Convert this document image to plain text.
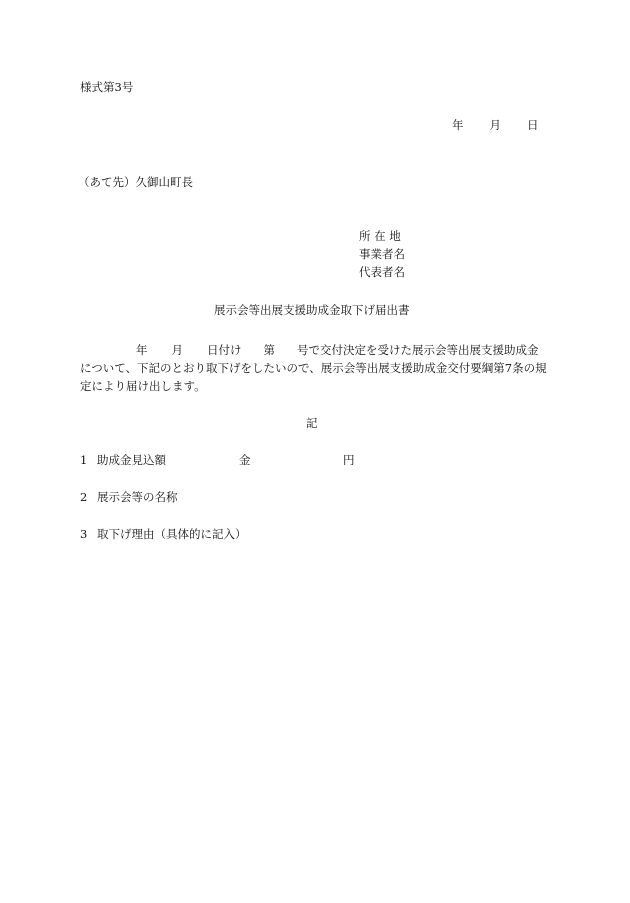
様式第3号
年 月 日
（あて先）久御山町長
所 在 地
事業者名
代表者名
展示会等出展支援助成金取下げ届出書
年 月 日付け 第 号で交付決定を受けた展示会等出展支援助成金
について、下記のとおり取下げをしたいので、展示会等出展支援助成金交付要綱第7条の規
定により届け出します。
記
1 助成金見込額	金	円
2 展示会等の名称
3 取下げ理由（具体的に記入）
